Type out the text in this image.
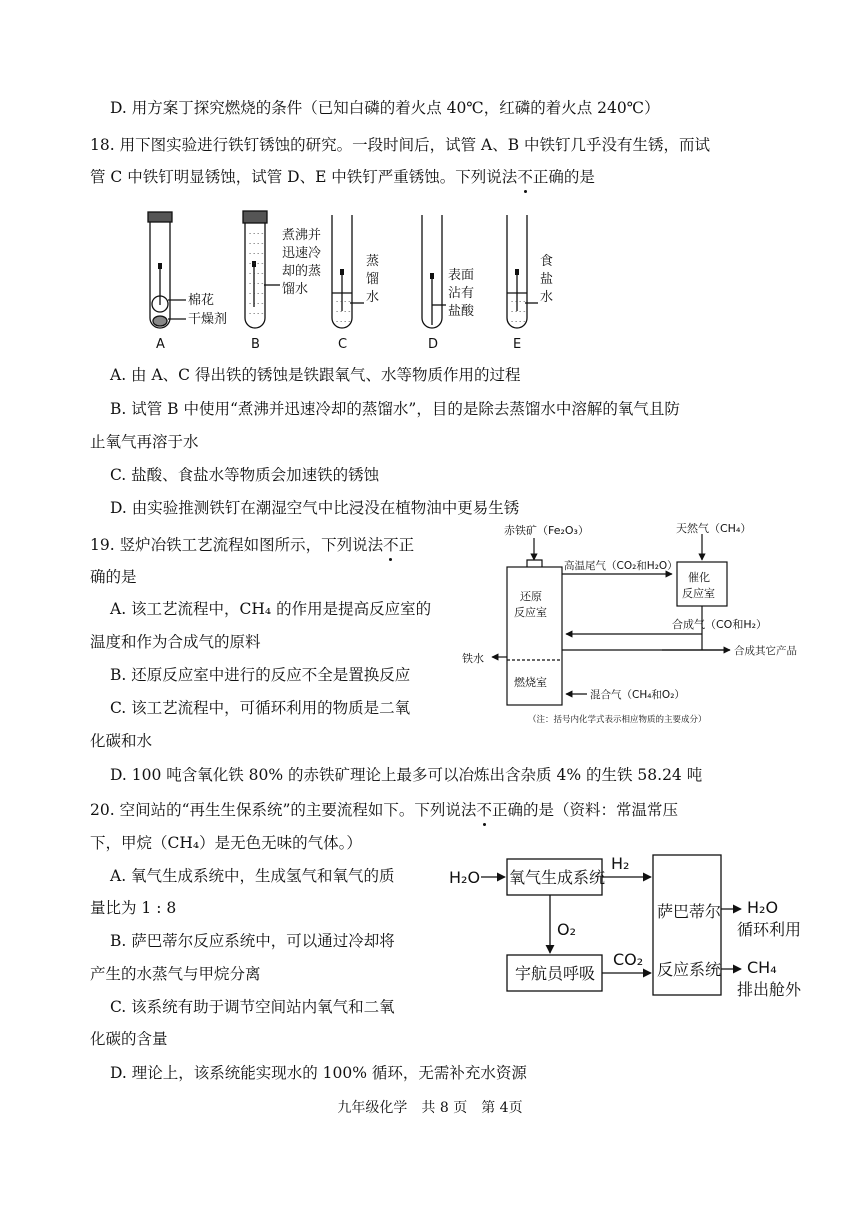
D. 用方案丁探究燃烧的条件（已知白磷的着火点 40℃，红磷的着火点 240℃）
18. 用下图实验进行铁钉锈蚀的研究。一段时间后，试管 A、B 中铁钉几乎没有生锈，而试
管 C 中铁钉明显锈蚀，试管 D、E 中铁钉严重锈蚀。下列说法不正确的是
- - - -
- - - -
- - - -
- - - -
- - - -
- - - -
- - - -
- - - -
- - - -
- - - -
- - - -
- - - -
- - - -
- - - -
- - - -
棉花
干燥剂
煮沸并
迅速冷
却的蒸
馏水
蒸
馏
水
表面
沾有
盐酸
食
盐
水
A	B	C	D	E
A. 由 A、C 得出铁的锈蚀是铁跟氧气、水等物质作用的过程
B. 试管 B 中使用“煮沸并迅速冷却的蒸馏水”，目的是除去蒸馏水中溶解的氧气且防
止氧气再溶于水
C. 盐酸、食盐水等物质会加速铁的锈蚀
D. 由实验推测铁钉在潮湿空气中比浸没在植物油中更易生锈
19. 竖炉冶铁工艺流程如图所示，下列说法不正
确的是
A. 该工艺流程中，CH₄ 的作用是提高反应室的
温度和作为合成气的原料
B. 还原反应室中进行的反应不全是置换反应
C. 该工艺流程中，可循环利用的物质是二氧
化碳和水
D. 100 吨含氧化铁 80% 的赤铁矿理论上最多可以冶炼出含杂质 4% 的生铁 58.24 吨
赤铁矿（Fe₂O₃）	天然气（CH₄）
高温尾气（CO₂和H₂O）
催化
反应室
还原
反应室
合成气（CO和H₂）
铁水
合成其它产品
燃烧室
混合气（CH₄和O₂）
（注：括号内化学式表示相应物质的主要成分）
20. 空间站的“再生生保系统”的主要流程如下。下列说法不正确的是（资料：常温常压
下，甲烷（CH₄）是无色无味的气体。）
A. 氧气生成系统中，生成氢气和氧气的质
量比为 1 : 8
B. 萨巴蒂尔反应系统中，可以通过冷却将
产生的水蒸气与甲烷分离
C. 该系统有助于调节空间站内氧气和二氧
化碳的含量
D. 理论上，该系统能实现水的 100% 循环，无需补充水资源
H₂O 氧气生成系统
H₂
O₂
宇航员呼吸
CO₂
萨巴蒂尔
反应系统
H₂O
循环利用
CH₄
排出舱外
九年级化学　共 8 页　第 4页
